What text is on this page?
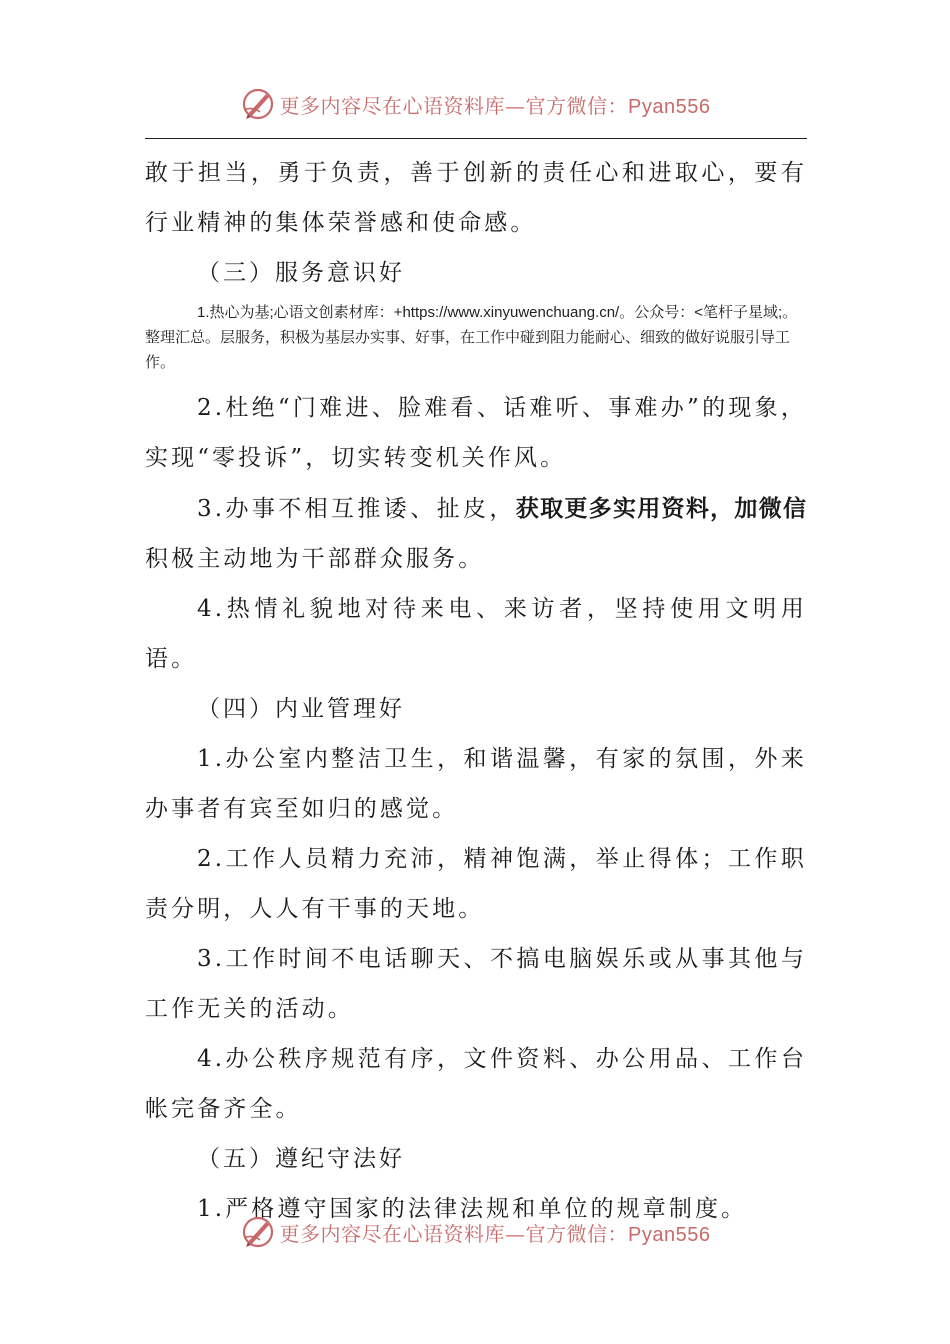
更多内容尽在心语资料库—官方微信：Pyan556

敢于担当，勇于负责，善于创新的责任心和进取心，要有行业精神的集体荣誉感和使命感。

（三）服务意识好

1.热心为基;心语文创素材库：+https://www.xinyuwenchuang.cn/。公众号：<笔杆子星域;。整理汇总。层服务，积极为基层办实事、好事，在工作中碰到阻力能耐心、细致的做好说服引导工作。

2.杜绝“门难进、脸难看、话难听、事难办”的现象，实现“零投诉”，切实转变机关作风。

3.办事不相互推诿、扯皮，获取更多实用资料，加微信积极主动地为干部群众服务。

4.热情礼貌地对待来电、来访者，坚持使用文明用语。

（四）内业管理好

1.办公室内整洁卫生，和谐温馨，有家的氛围，外来办事者有宾至如归的感觉。

2.工作人员精力充沛，精神饱满，举止得体；工作职责分明，人人有干事的天地。

3.工作时间不电话聊天、不搞电脑娱乐或从事其他与工作无关的活动。

4.办公秩序规范有序，文件资料、办公用品、工作台帐完备齐全。

（五）遵纪守法好

1.严格遵守国家的法律法规和单位的规章制度。

更多内容尽在心语资料库—官方微信：Pyan556
